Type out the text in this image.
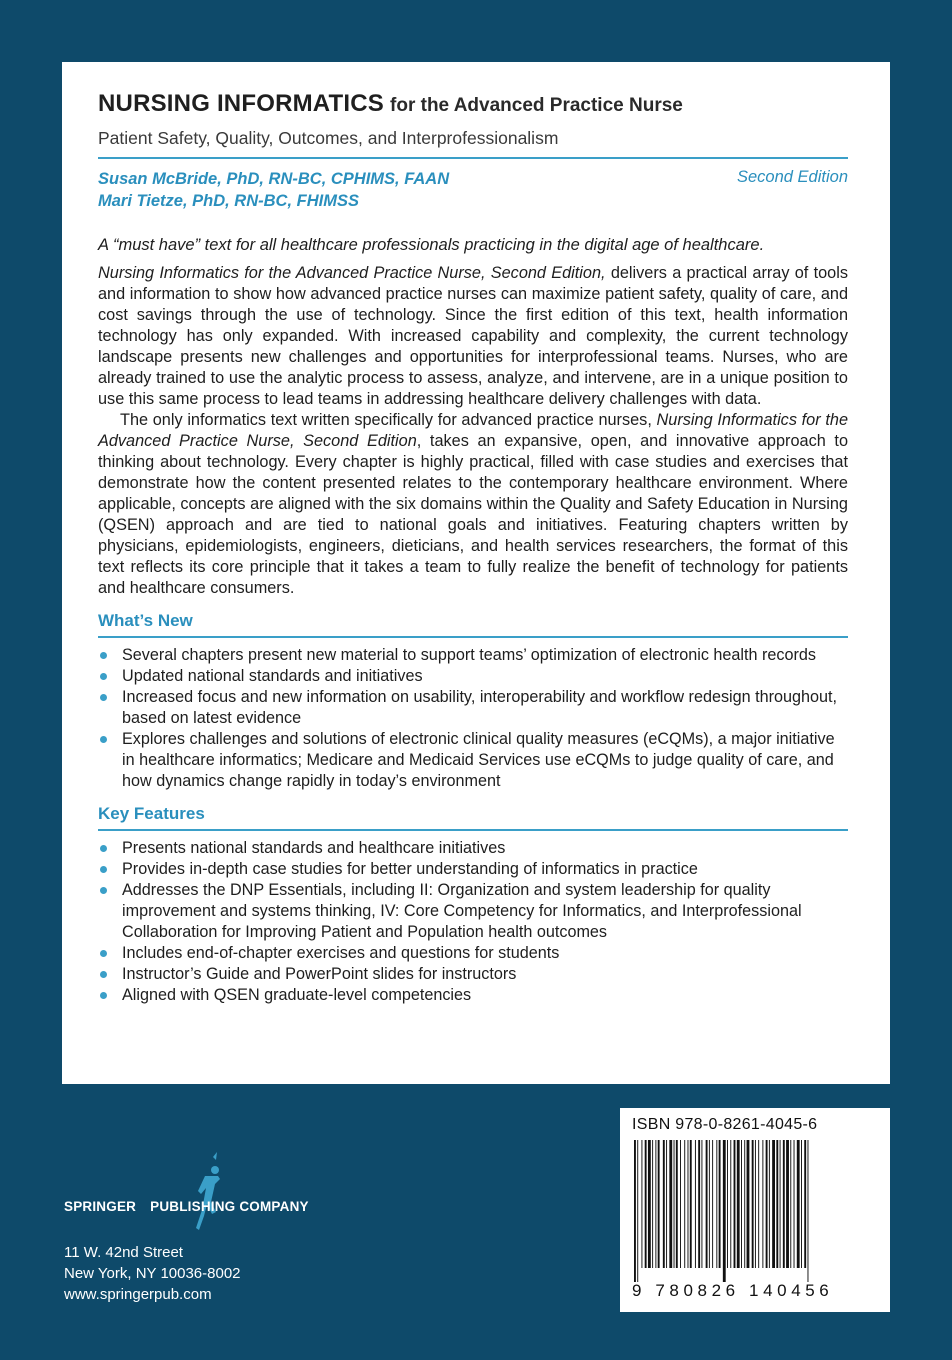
NURSING INFORMATICS for the Advanced Practice Nurse
Patient Safety, Quality, Outcomes, and Interprofessionalism
Susan McBride, PhD, RN-BC, CPHIMS, FAAN
Mari Tietze, PhD, RN-BC, FHIMSS
Second Edition
A “must have” text for all healthcare professionals practicing in the digital age of healthcare.

Nursing Informatics for the Advanced Practice Nurse, Second Edition, delivers a practical array of tools and information to show how advanced practice nurses can maximize patient safety, quality of care, and cost savings through the use of technology. Since the first edition of this text, health information technology has only expanded. With increased capability and complexity, the current technology landscape presents new challenges and opportunities for interprofessional teams. Nurses, who are already trained to use the analytic process to assess, analyze, and intervene, are in a unique position to use this same process to lead teams in addressing healthcare delivery challenges with data.

The only informatics text written specifically for advanced practice nurses, Nursing Informatics for the Advanced Practice Nurse, Second Edition, takes an expansive, open, and innovative approach to thinking about technology. Every chapter is highly practical, filled with case studies and exercises that demonstrate how the content presented relates to the contemporary healthcare environment. Where applicable, concepts are aligned with the six domains within the Quality and Safety Education in Nursing (QSEN) approach and are tied to national goals and initiatives. Featuring chapters written by physicians, epidemiologists, engineers, dieticians, and health services researchers, the format of this text reflects its core principle that it takes a team to fully realize the benefit of technology for patients and healthcare consumers.

What’s New
Several chapters present new material to support teams’ optimization of electronic health records
Updated national standards and initiatives
Increased focus and new information on usability, interoperability and workflow redesign throughout, based on latest evidence
Explores challenges and solutions of electronic clinical quality measures (eCQMs), a major initiative in healthcare informatics; Medicare and Medicaid Services use eCQMs to judge quality of care, and how dynamics change rapidly in today’s environment
Key Features
Presents national standards and healthcare initiatives
Provides in-depth case studies for better understanding of informatics in practice
Addresses the DNP Essentials, including II: Organization and system leadership for quality improvement and systems thinking, IV: Core Competency for Informatics, and Interprofessional Collaboration for Improving Patient and Population health outcomes
Includes end-of-chapter exercises and questions for students
Instructor’s Guide and PowerPoint slides for instructors
Aligned with QSEN graduate-level competencies
SPRINGER PUBLISHING COMPANY
11 W. 42nd Street
New York, NY 10036-8002
www.springerpub.com
ISBN 978-0-8261-4045-6
9 780826 140456
